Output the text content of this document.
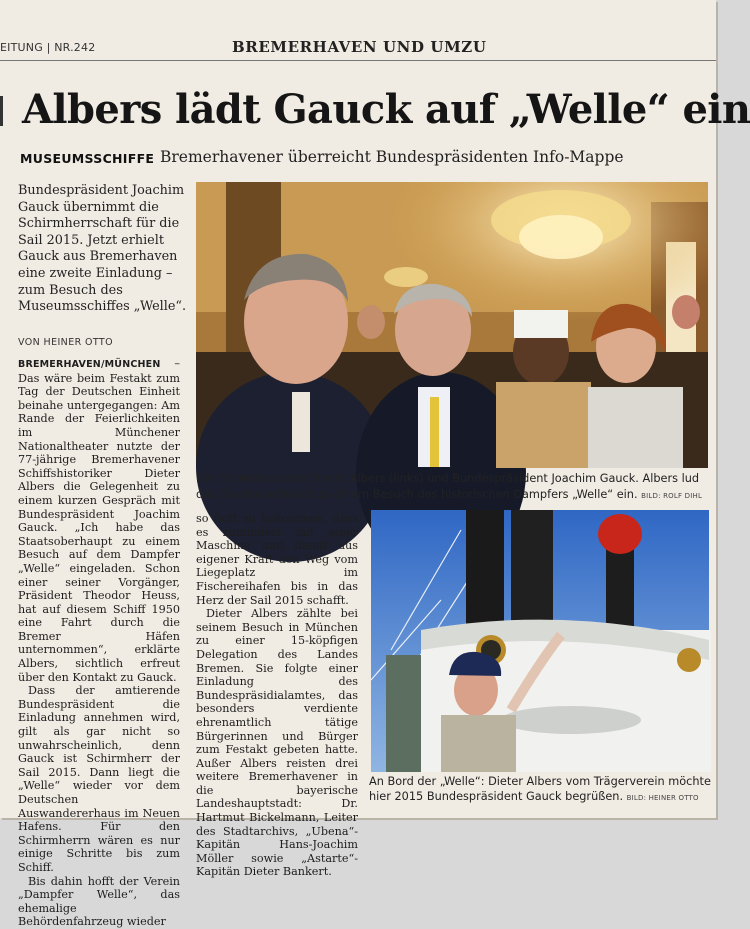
EITUNG | NR.242	BREMERHAVEN UND UMZU
Albers lädt Gauck auf „Welle“ ein
MUSEUMSSCHIFFE Bremerhavener überreicht Bundespräsidenten Info-Mappe
Bundespräsident Joachim Gauck übernimmt die Schirmherrschaft für die Sail 2015. Jetzt erhielt Gauck aus Bremerhaven eine zweite Einladung – zum Besuch des Museumsschiffes „Welle“.
VON HEINER OTTO

BREMERHAVEN/MÜNCHEN – Das wäre beim Festakt zum Tag der Deutschen Einheit beinahe untergegangen: Am Rande der Feierlichkeiten im Münchener Nationaltheater nutzte der 77-jährige Bremerhavener Schiffshistoriker Dieter Albers die Gelegenheit zu einem kurzen Gespräch mit Bundespräsident Joachim Gauck. „Ich habe das Staatsoberhaupt zu einem Besuch auf dem Dampfer „Welle“ eingeladen. Schon einer seiner Vorgänger, Präsident Theodor Heuss, hat auf diesem Schiff 1950 eine Fahrt durch die Bremer Häfen unternommen“, erklärte Albers, sichtlich erfreut über den Kontakt zu Gauck.

Dass der amtierende Bundespräsident die Einladung annehmen wird, gilt als gar nicht so unwahrscheinlich, denn Gauck ist Schirmherr der Sail 2015. Dann liegt die „Welle“ wieder vor dem Deutschen Auswandererhaus im Neuen Hafens. Für den Schirmherrn wären es nur einige Schritte bis zum Schiff.

Bis dahin hofft der Verein „Dampfer Welle“, das ehemalige Behördenfahrzeug wieder

Der Bremerhavener Dieter Albers (links) und Bundespräsident Joachim Gauck. Albers lud das Staatsoberhaupt zu einem Besuch des historischen Dampfers „Welle“ ein. BILD: ROLF DIHL

so flott zu bekommen, dass es zumindest mit einer Maschine und damit aus eigener Kraft den Weg vom Liegeplatz im Fischereihafen bis in das Herz der Sail 2015 schafft.

Dieter Albers zählte bei seinem Besuch in München zu einer 15-köpfigen Delegation des Landes Bremen. Sie folgte einer Einladung des Bundespräsidialamtes, das besonders verdiente ehrenamtlich tätige Bürgerinnen und Bürger zum Festakt gebeten hatte. Außer Albers reisten drei weitere Bremerhavener in die bayerische Landeshauptstadt: Dr. Hartmut Bickelmann, Leiter des Stadtarchivs, „Ubena“-Kapitän Hans-Joachim Möller sowie „Astarte“-Kapitän Dieter Bankert.

An Bord der „Welle“: Dieter Albers vom Trägerverein möchte hier 2015 Bundespräsident Gauck begrüßen. BILD: HEINER OTTO
